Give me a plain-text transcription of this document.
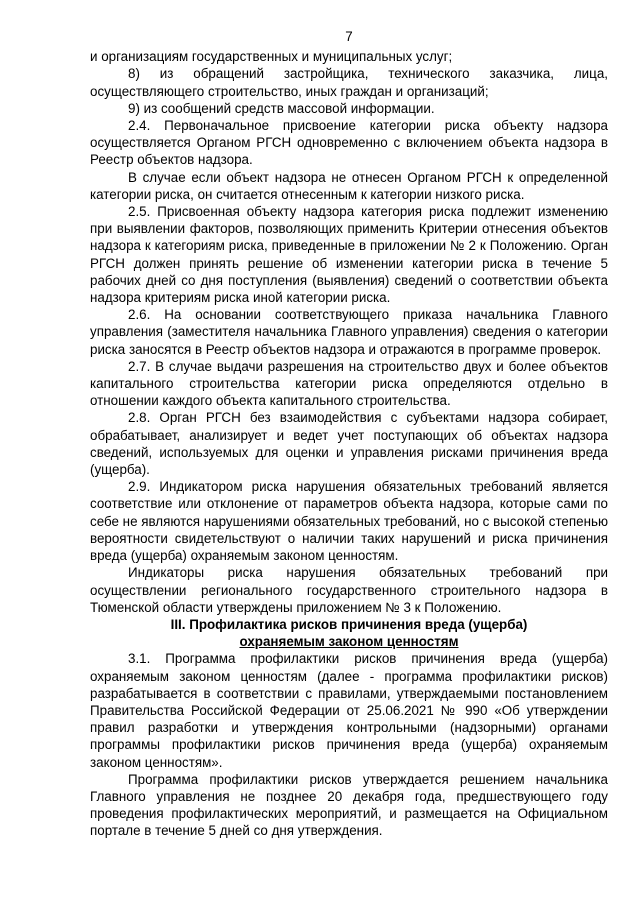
7

и организациям государственных и муниципальных услуг;

8) из обращений застройщика, технического заказчика, лица, осуществляющего строительство, иных граждан и организаций;

9) из сообщений средств массовой информации.

2.4. Первоначальное присвоение категории риска объекту надзора осуществляется Органом РГСН одновременно с включением объекта надзора в Реестр объектов надзора.

В случае если объект надзора не отнесен Органом РГСН к определенной категории риска, он считается отнесенным к категории низкого риска.

2.5. Присвоенная объекту надзора категория риска подлежит изменению при выявлении факторов, позволяющих применить Критерии отнесения объектов надзора к категориям риска, приведенные в приложении № 2 к Положению. Орган РГСН должен принять решение об изменении категории риска в течение 5 рабочих дней со дня поступления (выявления) сведений о соответствии объекта надзора критериям риска иной категории риска.

2.6. На основании соответствующего приказа начальника Главного управления (заместителя начальника Главного управления) сведения о категории риска заносятся в Реестр объектов надзора и отражаются в программе проверок.

2.7. В случае выдачи разрешения на строительство двух и более объектов капитального строительства категории риска определяются отдельно в отношении каждого объекта капитального строительства.

2.8. Орган РГСН без взаимодействия с субъектами надзора собирает, обрабатывает, анализирует и ведет учет поступающих об объектах надзора сведений, используемых для оценки и управления рисками причинения вреда (ущерба).

2.9. Индикатором риска нарушения обязательных требований является соответствие или отклонение от параметров объекта надзора, которые сами по себе не являются нарушениями обязательных требований, но с высокой степенью вероятности свидетельствуют о наличии таких нарушений и риска причинения вреда (ущерба) охраняемым законом ценностям.

Индикаторы риска нарушения обязательных требований при осуществлении регионального государственного строительного надзора в Тюменской области утверждены приложением № 3 к Положению.

III. Профилактика рисков причинения вреда (ущерба)

охраняемым законом ценностям

3.1. Программа профилактики рисков причинения вреда (ущерба) охраняемым законом ценностям (далее - программа профилактики рисков) разрабатывается в соответствии с правилами, утверждаемыми постановлением Правительства Российской Федерации от 25.06.2021 № 990 «Об утверждении правил разработки и утверждения контрольными (надзорными) органами программы профилактики рисков причинения вреда (ущерба) охраняемым законом ценностям».

Программа профилактики рисков утверждается решением начальника Главного управления не позднее 20 декабря года, предшествующего году проведения профилактических мероприятий, и размещается на Официальном портале в течение 5 дней со дня утверждения.
